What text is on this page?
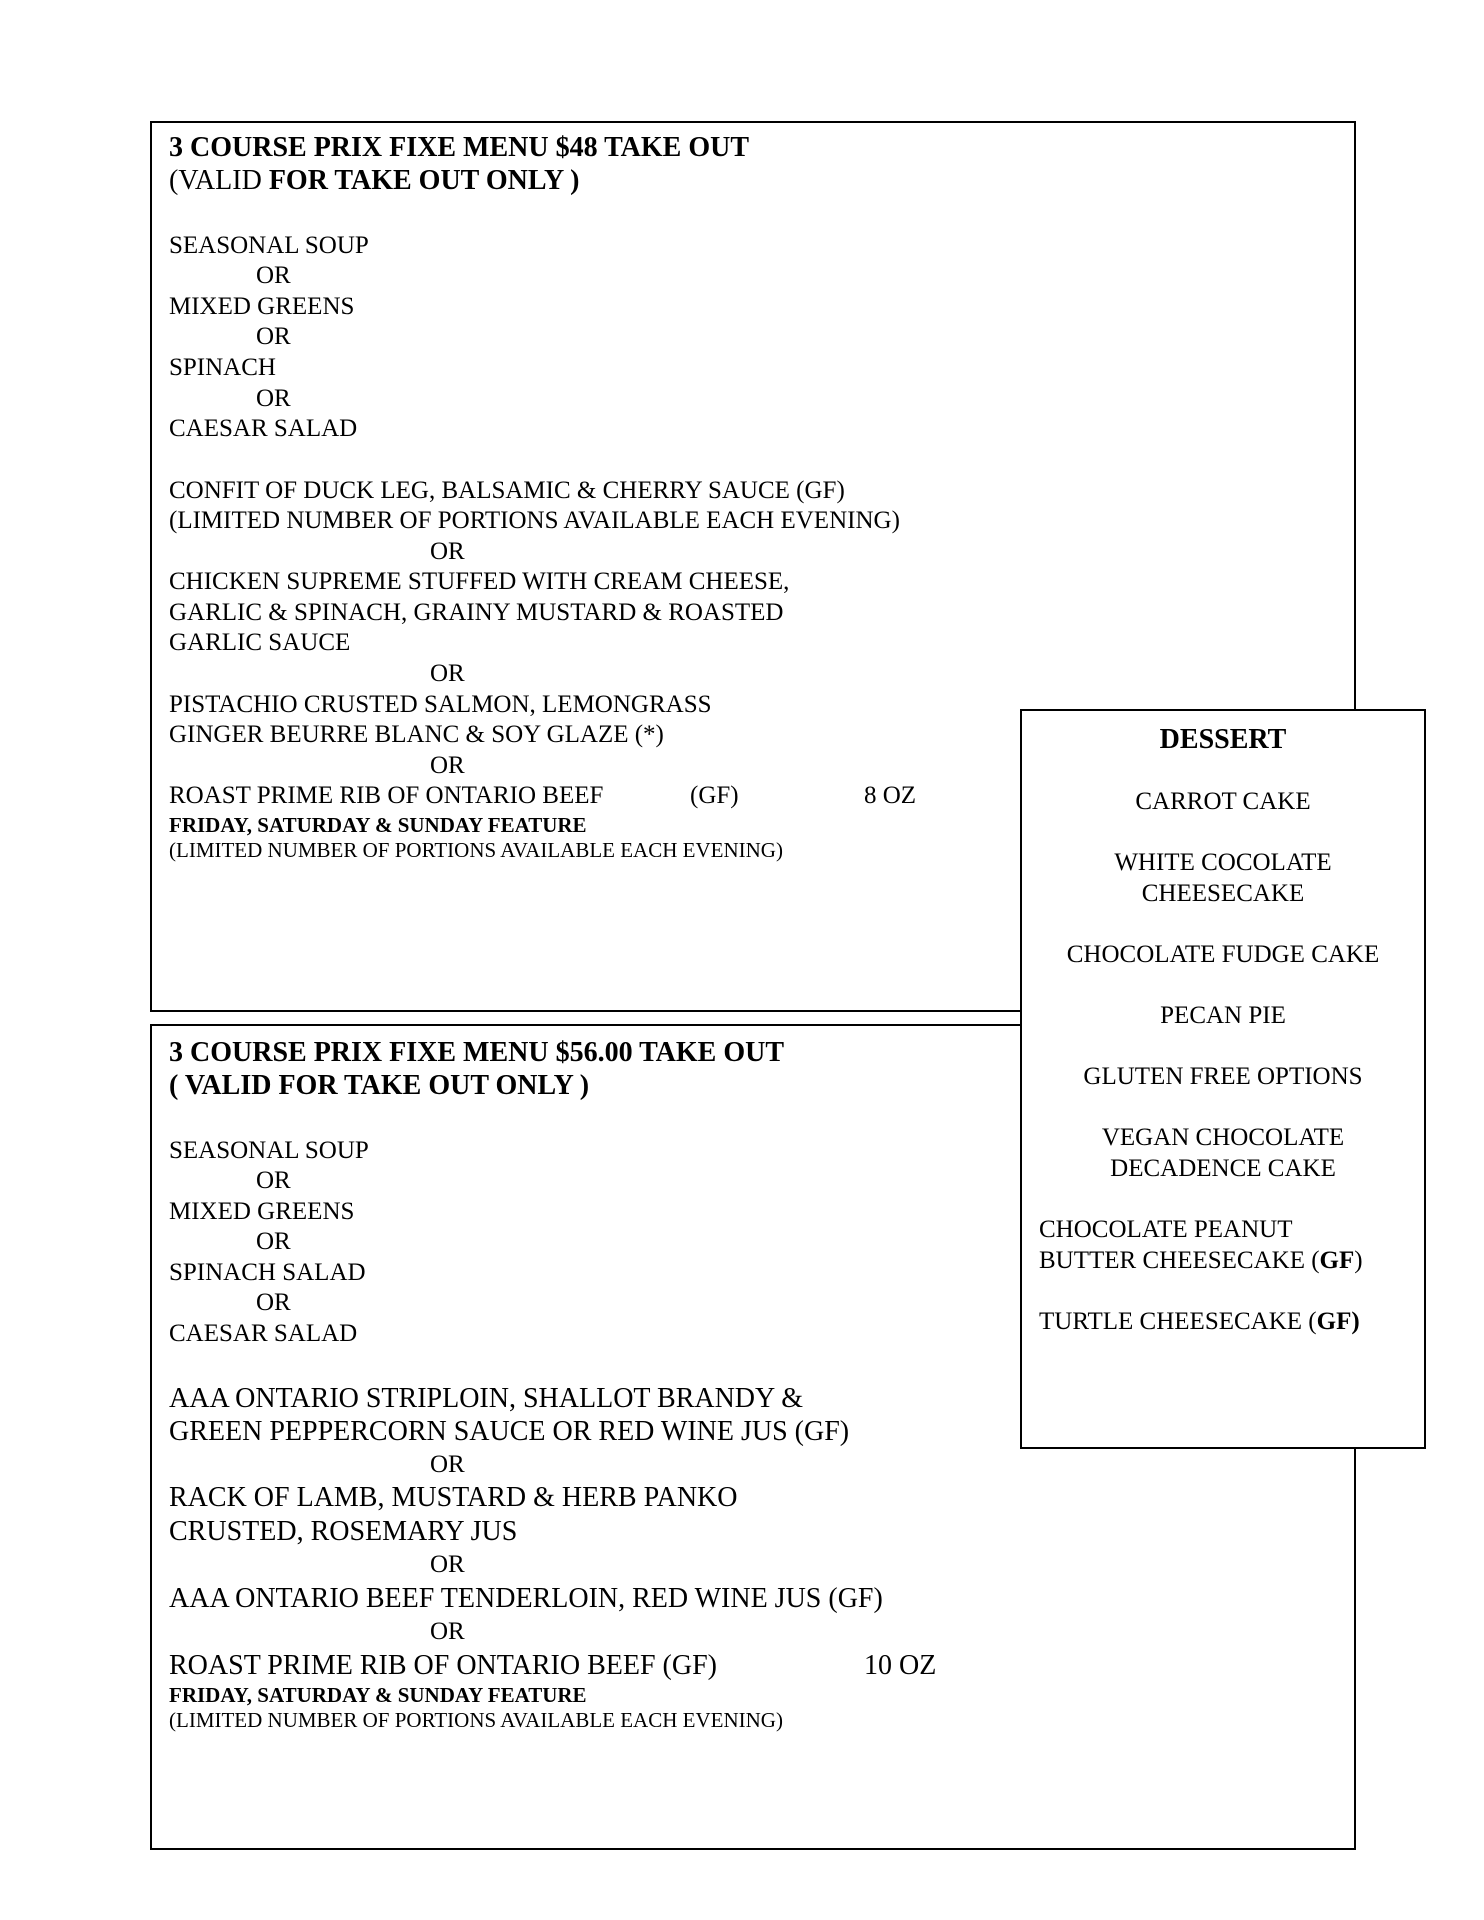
3 COURSE PRIX FIXE MENU $48 TAKE OUT
(VALID FOR TAKE OUT ONLY )
SEASONAL SOUP
OR
MIXED GREENS
OR
SPINACH
OR
CAESAR SALAD
CONFIT OF DUCK LEG, BALSAMIC & CHERRY SAUCE (GF)
(LIMITED NUMBER OF PORTIONS AVAILABLE EACH EVENING)
OR
CHICKEN SUPREME STUFFED WITH CREAM CHEESE,
GARLIC & SPINACH, GRAINY MUSTARD & ROASTED
GARLIC SAUCE
OR
PISTACHIO CRUSTED SALMON, LEMONGRASS
GINGER BEURRE BLANC & SOY GLAZE (*)
OR
ROAST PRIME RIB OF ONTARIO BEEF	(GF)	8 OZ
FRIDAY, SATURDAY & SUNDAY FEATURE
(LIMITED NUMBER OF PORTIONS AVAILABLE EACH EVENING)
3 COURSE PRIX FIXE MENU $56.00 TAKE OUT
( VALID FOR TAKE OUT ONLY )
SEASONAL SOUP
OR
MIXED GREENS
OR
SPINACH SALAD
OR
CAESAR SALAD
AAA ONTARIO STRIPLOIN, SHALLOT BRANDY &
GREEN PEPPERCORN SAUCE OR RED WINE JUS (GF)
OR
RACK OF LAMB, MUSTARD & HERB PANKO
CRUSTED, ROSEMARY JUS
OR
AAA ONTARIO BEEF TENDERLOIN, RED WINE JUS (GF)
OR
ROAST PRIME RIB OF ONTARIO BEEF (GF)	10 OZ
FRIDAY, SATURDAY & SUNDAY FEATURE
(LIMITED NUMBER OF PORTIONS AVAILABLE EACH EVENING)
DESSERT
CARROT CAKE
WHITE COCOLATE
CHEESECAKE
CHOCOLATE FUDGE CAKE
PECAN PIE
GLUTEN FREE OPTIONS
VEGAN CHOCOLATE
DECADENCE CAKE
CHOCOLATE PEANUT
BUTTER CHEESECAKE (GF)
TURTLE CHEESECAKE (GF)
